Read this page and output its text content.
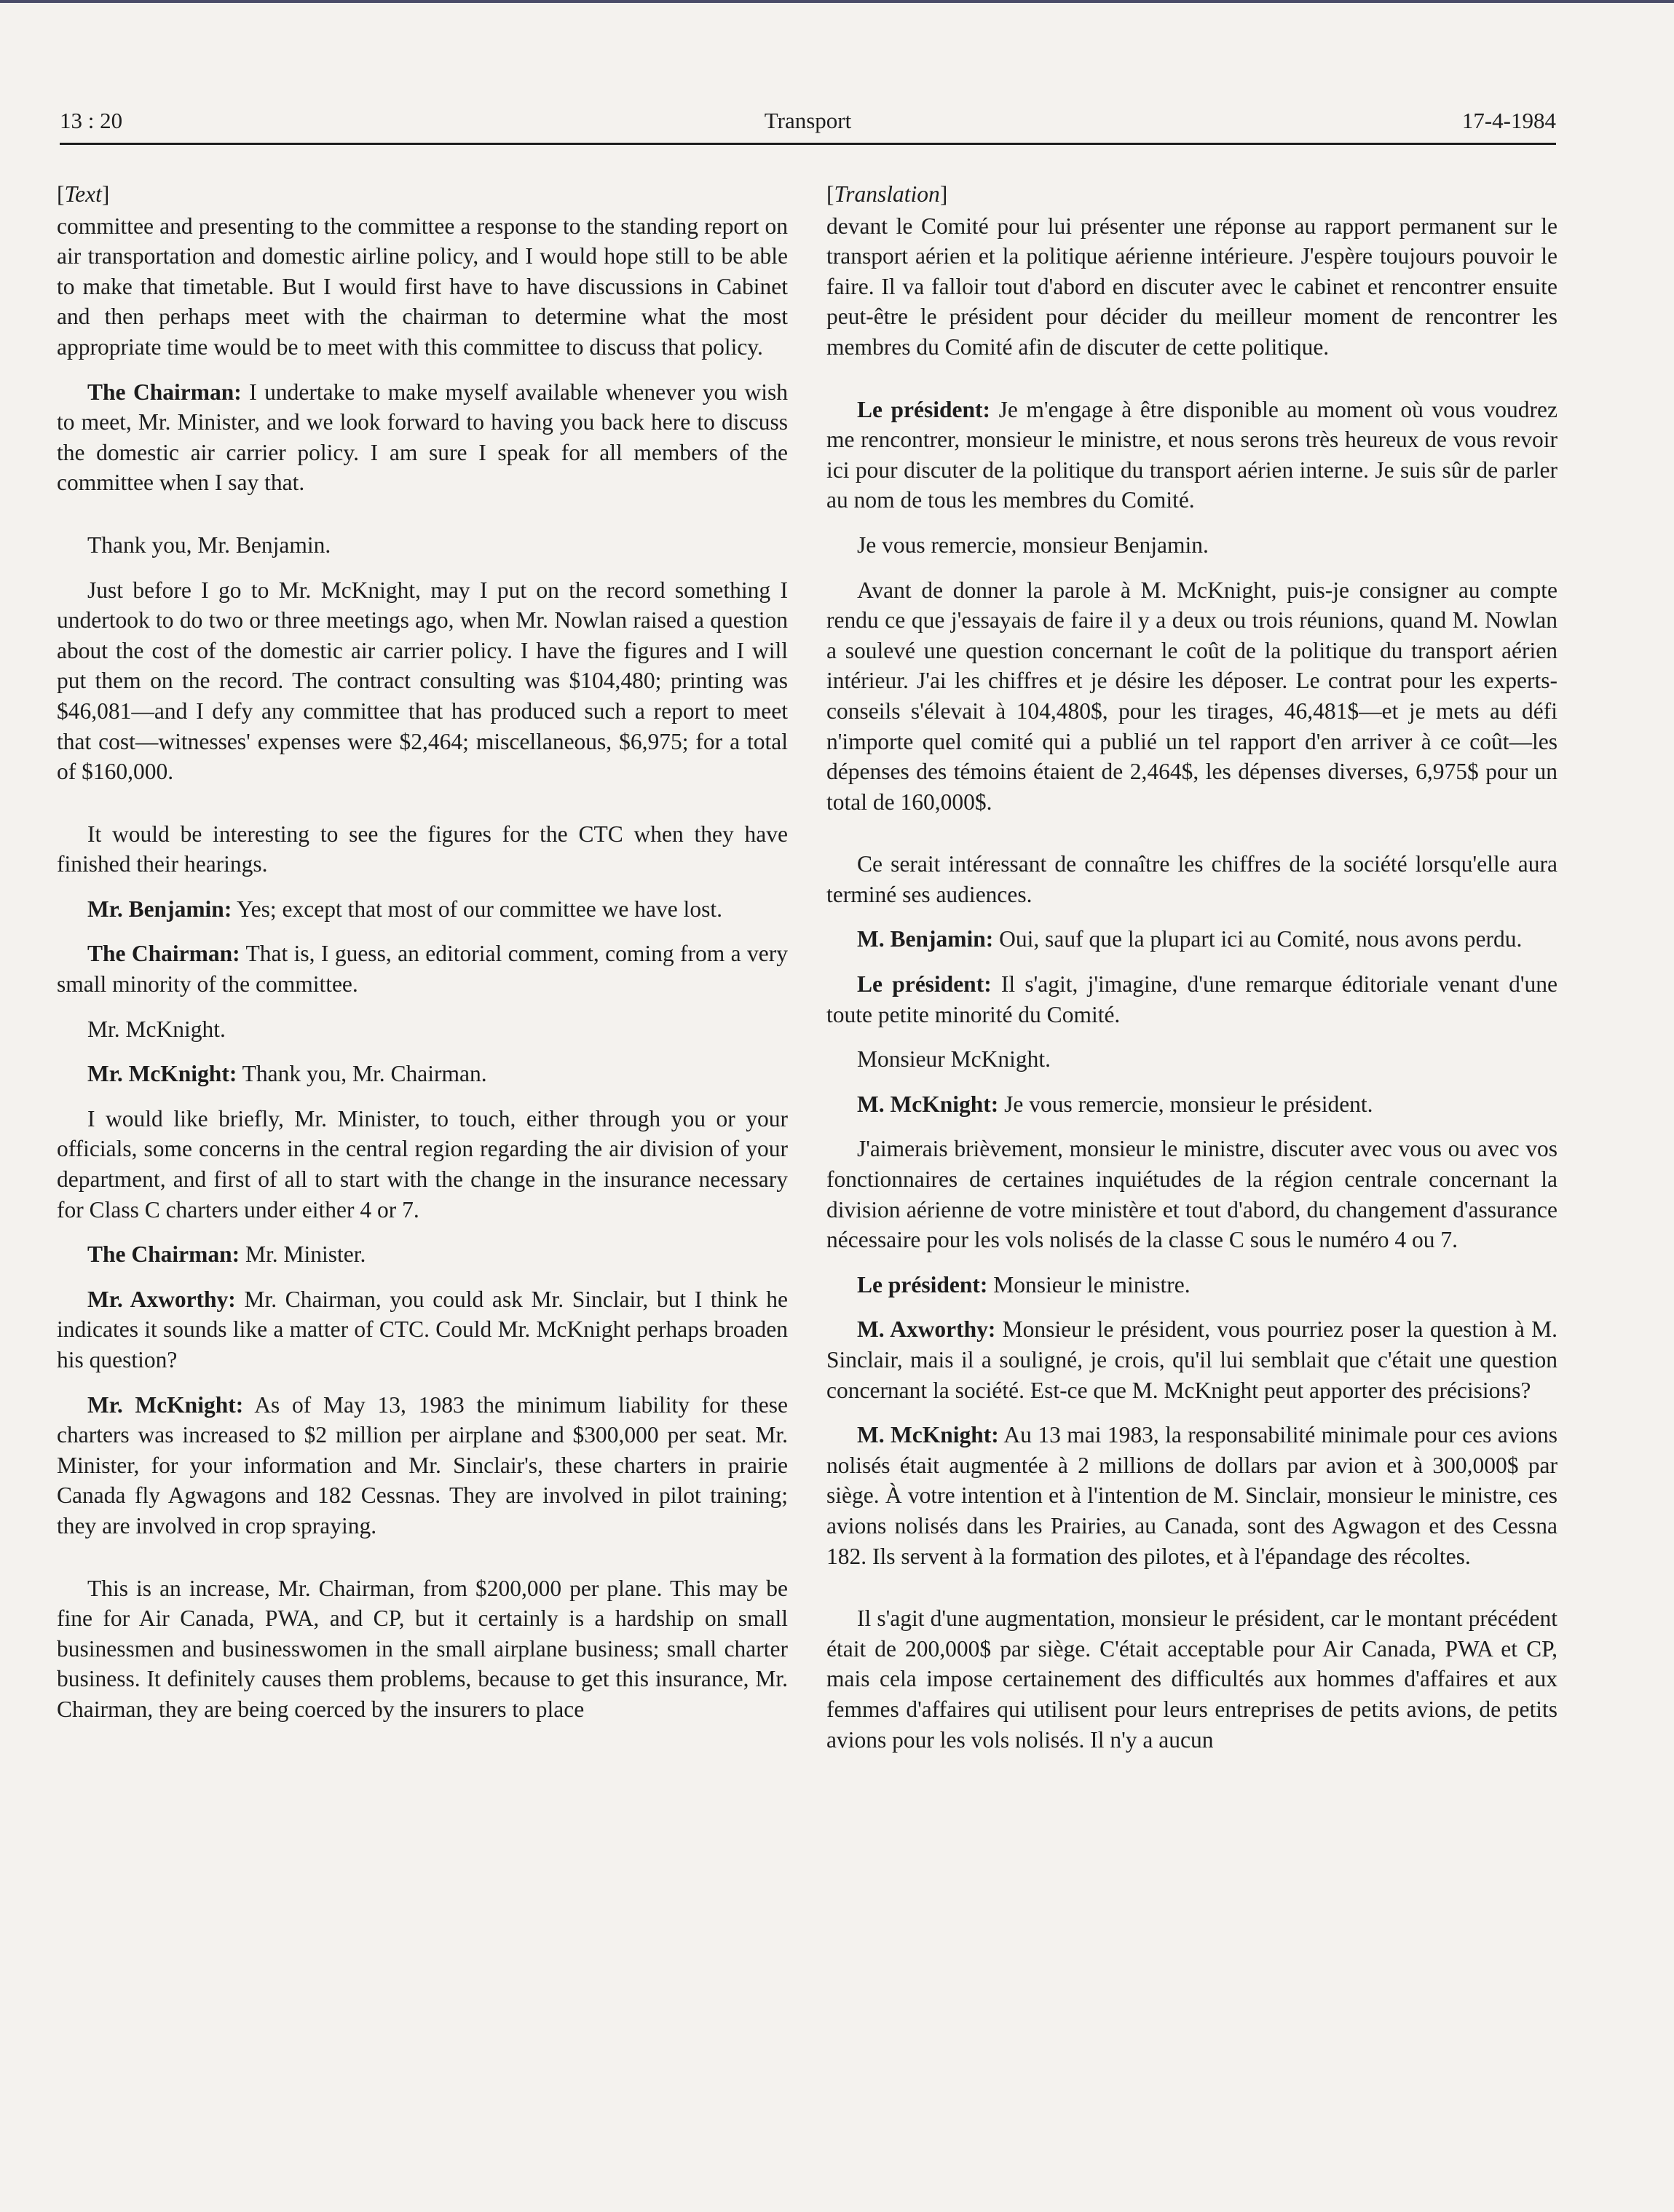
13 : 20	Transport	17-4-1984
[Text]

committee and presenting to the committee a response to the standing report on air transportation and domestic airline policy, and I would hope still to be able to make that timetable. But I would first have to have discussions in Cabinet and then perhaps meet with the chairman to determine what the most appropriate time would be to meet with this committee to discuss that policy.

The Chairman: I undertake to make myself available whenever you wish to meet, Mr. Minister, and we look forward to having you back here to discuss the domestic air carrier policy. I am sure I speak for all members of the committee when I say that.

Thank you, Mr. Benjamin.

Just before I go to Mr. McKnight, may I put on the record something I undertook to do two or three meetings ago, when Mr. Nowlan raised a question about the cost of the domestic air carrier policy. I have the figures and I will put them on the record. The contract consulting was $104,480; printing was $46,081—and I defy any committee that has produced such a report to meet that cost—witnesses' expenses were $2,464; miscellaneous, $6,975; for a total of $160,000.

It would be interesting to see the figures for the CTC when they have finished their hearings.

Mr. Benjamin: Yes; except that most of our committee we have lost.

The Chairman: That is, I guess, an editorial comment, coming from a very small minority of the committee.

Mr. McKnight.

Mr. McKnight: Thank you, Mr. Chairman.

I would like briefly, Mr. Minister, to touch, either through you or your officials, some concerns in the central region regarding the air division of your department, and first of all to start with the change in the insurance necessary for Class C charters under either 4 or 7.

The Chairman: Mr. Minister.

Mr. Axworthy: Mr. Chairman, you could ask Mr. Sinclair, but I think he indicates it sounds like a matter of CTC. Could Mr. McKnight perhaps broaden his question?

Mr. McKnight: As of May 13, 1983 the minimum liability for these charters was increased to $2 million per airplane and $300,000 per seat. Mr. Minister, for your information and Mr. Sinclair's, these charters in prairie Canada fly Agwagons and 182 Cessnas. They are involved in pilot training; they are involved in crop spraying.

This is an increase, Mr. Chairman, from $200,000 per plane. This may be fine for Air Canada, PWA, and CP, but it certainly is a hardship on small businessmen and businesswomen in the small airplane business; small charter business. It definitely causes them problems, because to get this insurance, Mr. Chairman, they are being coerced by the insurers to place

[Translation]

devant le Comité pour lui présenter une réponse au rapport permanent sur le transport aérien et la politique aérienne intérieure. J'espère toujours pouvoir le faire. Il va falloir tout d'abord en discuter avec le cabinet et rencontrer ensuite peut-être le président pour décider du meilleur moment de rencontrer les membres du Comité afin de discuter de cette politique.

Le président: Je m'engage à être disponible au moment où vous voudrez me rencontrer, monsieur le ministre, et nous serons très heureux de vous revoir ici pour discuter de la politique du transport aérien interne. Je suis sûr de parler au nom de tous les membres du Comité.

Je vous remercie, monsieur Benjamin.

Avant de donner la parole à M. McKnight, puis-je consigner au compte rendu ce que j'essayais de faire il y a deux ou trois réunions, quand M. Nowlan a soulevé une question concernant le coût de la politique du transport aérien intérieur. J'ai les chiffres et je désire les déposer. Le contrat pour les experts-conseils s'élevait à 104,480$, pour les tirages, 46,481$—et je mets au défi n'importe quel comité qui a publié un tel rapport d'en arriver à ce coût—les dépenses des témoins étaient de 2,464$, les dépenses diverses, 6,975$ pour un total de 160,000$.

Ce serait intéressant de connaître les chiffres de la société lorsqu'elle aura terminé ses audiences.

M. Benjamin: Oui, sauf que la plupart ici au Comité, nous avons perdu.

Le président: Il s'agit, j'imagine, d'une remarque éditoriale venant d'une toute petite minorité du Comité.

Monsieur McKnight.

M. McKnight: Je vous remercie, monsieur le président.

J'aimerais brièvement, monsieur le ministre, discuter avec vous ou avec vos fonctionnaires de certaines inquiétudes de la région centrale concernant la division aérienne de votre ministère et tout d'abord, du changement d'assurance nécessaire pour les vols nolisés de la classe C sous le numéro 4 ou 7.

Le président: Monsieur le ministre.

M. Axworthy: Monsieur le président, vous pourriez poser la question à M. Sinclair, mais il a souligné, je crois, qu'il lui semblait que c'était une question concernant la société. Est-ce que M. McKnight peut apporter des précisions?

M. McKnight: Au 13 mai 1983, la responsabilité minimale pour ces avions nolisés était augmentée à 2 millions de dollars par avion et à 300,000$ par siège. À votre intention et à l'intention de M. Sinclair, monsieur le ministre, ces avions nolisés dans les Prairies, au Canada, sont des Agwagon et des Cessna 182. Ils servent à la formation des pilotes, et à l'épandage des récoltes.

Il s'agit d'une augmentation, monsieur le président, car le montant précédent était de 200,000$ par siège. C'était acceptable pour Air Canada, PWA et CP, mais cela impose certainement des difficultés aux hommes d'affaires et aux femmes d'affaires qui utilisent pour leurs entreprises de petits avions, de petits avions pour les vols nolisés. Il n'y a aucun
